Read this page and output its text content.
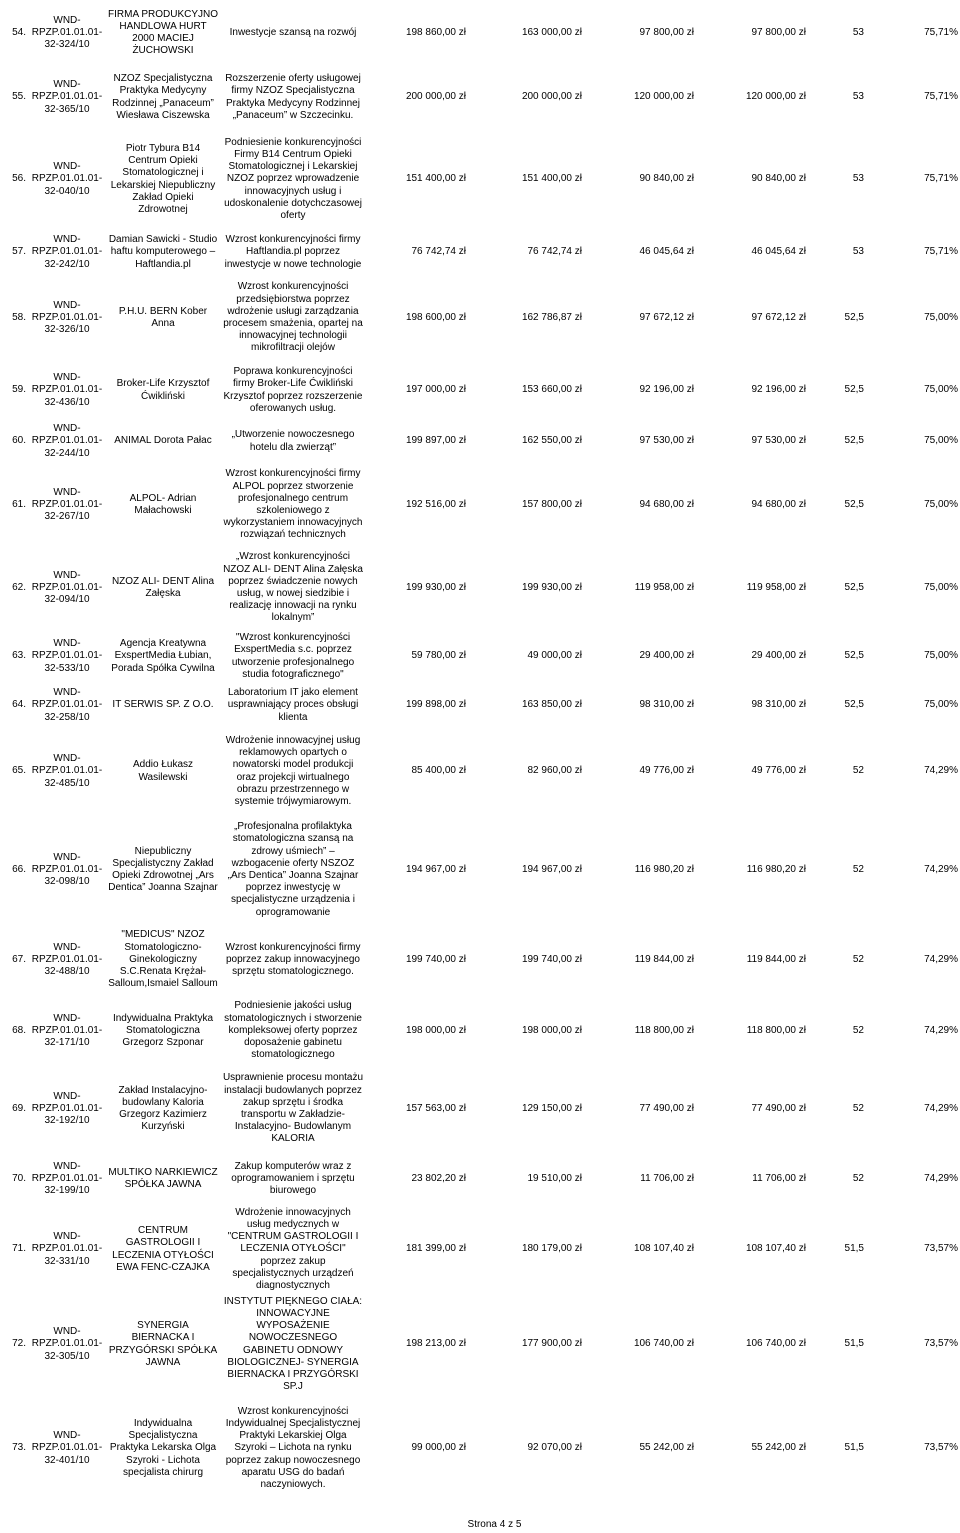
54.	WND-
RPZP.01.01.01-
32-324/10	FIRMA PRODUKCYJNO HANDLOWA HURT 2000 MACIEJ ŻUCHOWSKI	Inwestycje szansą na rozwój	198 860,00 zł	163 000,00 zł	97 800,00 zł	97 800,00 zł	53	75,71%
55.	WND-
RPZP.01.01.01-
32-365/10	NZOZ Specjalistyczna Praktyka Medycyny Rodzinnej „Panaceum” Wiesława Ciszewska	Rozszerzenie oferty usługowej firmy NZOZ Specjalistyczna Praktyka Medycyny Rodzinnej „Panaceum” w Szczecinku.	200 000,00 zł	200 000,00 zł	120 000,00 zł	120 000,00 zł	53	75,71%
56.	WND-
RPZP.01.01.01-
32-040/10	Piotr Tybura B14 Centrum Opieki Stomatologicznej i Lekarskiej Niepubliczny Zakład Opieki Zdrowotnej	Podniesienie konkurencyjności Firmy B14 Centrum Opieki Stomatologicznej i Lekarskiej NZOZ poprzez wprowadzenie innowacyjnych usług i udoskonalenie dotychczasowej oferty	151 400,00 zł	151 400,00 zł	90 840,00 zł	90 840,00 zł	53	75,71%
57.	WND-
RPZP.01.01.01-
32-242/10	Damian Sawicki - Studio haftu komputerowego – Haftlandia.pl	Wzrost konkurencyjności firmy Haftlandia.pl poprzez inwestycje w nowe technologie	76 742,74 zł	76 742,74 zł	46 045,64 zł	46 045,64 zł	53	75,71%
58.	WND-
RPZP.01.01.01-
32-326/10	P.H.U. BERN Kober Anna	Wzrost konkurencyjności przedsiębiorstwa poprzez wdrożenie usługi zarządzania procesem smażenia, opartej na innowacyjnej technologii mikrofiltracji olejów	198 600,00 zł	162 786,87 zł	97 672,12 zł	97 672,12 zł	52,5	75,00%
59.	WND-
RPZP.01.01.01-
32-436/10	Broker-Life Krzysztof Ćwikliński	Poprawa konkurencyjności firmy Broker-Life Ćwikliński Krzysztof poprzez rozszerzenie oferowanych usług.	197 000,00 zł	153 660,00 zł	92 196,00 zł	92 196,00 zł	52,5	75,00%
60.	WND-
RPZP.01.01.01-
32-244/10	ANIMAL Dorota Pałac	„Utworzenie nowoczesnego hotelu dla zwierząt”	199 897,00 zł	162 550,00 zł	97 530,00 zł	97 530,00 zł	52,5	75,00%
61.	WND-
RPZP.01.01.01-
32-267/10	ALPOL- Adrian Małachowski	Wzrost konkurencyjności firmy ALPOL poprzez stworzenie profesjonalnego centrum szkoleniowego z wykorzystaniem innowacyjnych rozwiązań technicznych	192 516,00 zł	157 800,00 zł	94 680,00 zł	94 680,00 zł	52,5	75,00%
62.	WND-
RPZP.01.01.01-
32-094/10	NZOZ ALI- DENT Alina Załęska	„Wzrost konkurencyjności NZOZ ALI- DENT Alina Załęska poprzez świadczenie nowych usług, w nowej siedzibie i realizację innowacji na rynku lokalnym”	199 930,00 zł	199 930,00 zł	119 958,00 zł	119 958,00 zł	52,5	75,00%
63.	WND-
RPZP.01.01.01-
32-533/10	Agencja Kreatywna ExspertMedia Łubian, Porada Spółka Cywilna	"Wzrost konkurencyjności ExspertMedia s.c. poprzez utworzenie profesjonalnego studia fotograficznego"	59 780,00 zł	49 000,00 zł	29 400,00 zł	29 400,00 zł	52,5	75,00%
64.	WND-
RPZP.01.01.01-
32-258/10	IT SERWIS SP. Z O.O.	Laboratorium IT jako element usprawniający proces obsługi klienta	199 898,00 zł	163 850,00 zł	98 310,00 zł	98 310,00 zł	52,5	75,00%
65.	WND-
RPZP.01.01.01-
32-485/10	Addio Łukasz Wasilewski	Wdrożenie innowacyjnej usług reklamowych opartych o nowatorski model produkcji oraz projekcji wirtualnego obrazu przestrzennego w systemie trójwymiarowym.	85 400,00 zł	82 960,00 zł	49 776,00 zł	49 776,00 zł	52	74,29%
66.	WND-
RPZP.01.01.01-
32-098/10	Niepubliczny Specjalistyczny Zakład Opieki Zdrowotnej „Ars Dentica” Joanna Szajnar	„Profesjonalna profilaktyka stomatologiczna szansą na zdrowy uśmiech” – wzbogacenie oferty NSZOZ „Ars Dentica” Joanna Szajnar poprzez inwestycję w specjalistyczne urządzenia i oprogramowanie	194 967,00 zł	194 967,00 zł	116 980,20 zł	116 980,20 zł	52	74,29%
67.	WND-
RPZP.01.01.01-
32-488/10	"MEDICUS" NZOZ Stomatologiczno-Ginekologiczny S.C.Renata Krężał-Salloum,Ismaiel Salloum	Wzrost konkurencyjności firmy poprzez zakup innowacyjnego sprzętu stomatologicznego.	199 740,00 zł	199 740,00 zł	119 844,00 zł	119 844,00 zł	52	74,29%
68.	WND-
RPZP.01.01.01-
32-171/10	Indywidualna Praktyka Stomatologiczna Grzegorz Szponar	Podniesienie jakości usług stomatologicznych i stworzenie kompleksowej oferty poprzez doposażenie gabinetu stomatologicznego	198 000,00 zł	198 000,00 zł	118 800,00 zł	118 800,00 zł	52	74,29%
69.	WND-
RPZP.01.01.01-
32-192/10	Zakład Instalacyjno-budowlany Kaloria Grzegorz Kazimierz Kurzyński	Usprawnienie procesu montażu instalacji budowlanych poprzez zakup sprzętu i środka transportu w Zakładzie-Instalacyjno- Budowlanym KALORIA	157 563,00 zł	129 150,00 zł	77 490,00 zł	77 490,00 zł	52	74,29%
70.	WND-
RPZP.01.01.01-
32-199/10	MULTIKO NARKIEWICZ SPÓŁKA JAWNA	Zakup komputerów wraz z oprogramowaniem i sprzętu biurowego	23 802,20 zł	19 510,00 zł	11 706,00 zł	11 706,00 zł	52	74,29%
71.	WND-
RPZP.01.01.01-
32-331/10	CENTRUM GASTROLOGII I LECZENIA OTYŁOŚCI EWA FENC-CZAJKA	Wdrożenie innowacyjnych usług medycznych w "CENTRUM GASTROLOGII I LECZENIA OTYŁOŚCI" poprzez zakup specjalistycznych urządzeń diagnostycznych	181 399,00 zł	180 179,00 zł	108 107,40 zł	108 107,40 zł	51,5	73,57%
72.	WND-
RPZP.01.01.01-
32-305/10	SYNERGIA BIERNACKA I PRZYGÓRSKI SPÓŁKA JAWNA	INSTYTUT PIĘKNEGO CIAŁA: INNOWACYJNE WYPOSAŻENIE NOWOCZESNEGO GABINETU ODNOWY BIOLOGICZNEJ- SYNERGIA BIERNACKA I PRZYGÓRSKI SP.J	198 213,00 zł	177 900,00 zł	106 740,00 zł	106 740,00 zł	51,5	73,57%
73.	WND-
RPZP.01.01.01-
32-401/10	Indywidualna Specjalistyczna Praktyka Lekarska Olga Szyroki - Lichota specjalista chirurg	Wzrost konkurencyjności Indywidualnej Specjalistycznej Praktyki Lekarskiej Olga Szyroki – Lichota na rynku poprzez zakup nowoczesnego aparatu USG do badań naczyniowych.	99 000,00 zł	92 070,00 zł	55 242,00 zł	55 242,00 zł	51,5	73,57%
Strona 4 z 5
